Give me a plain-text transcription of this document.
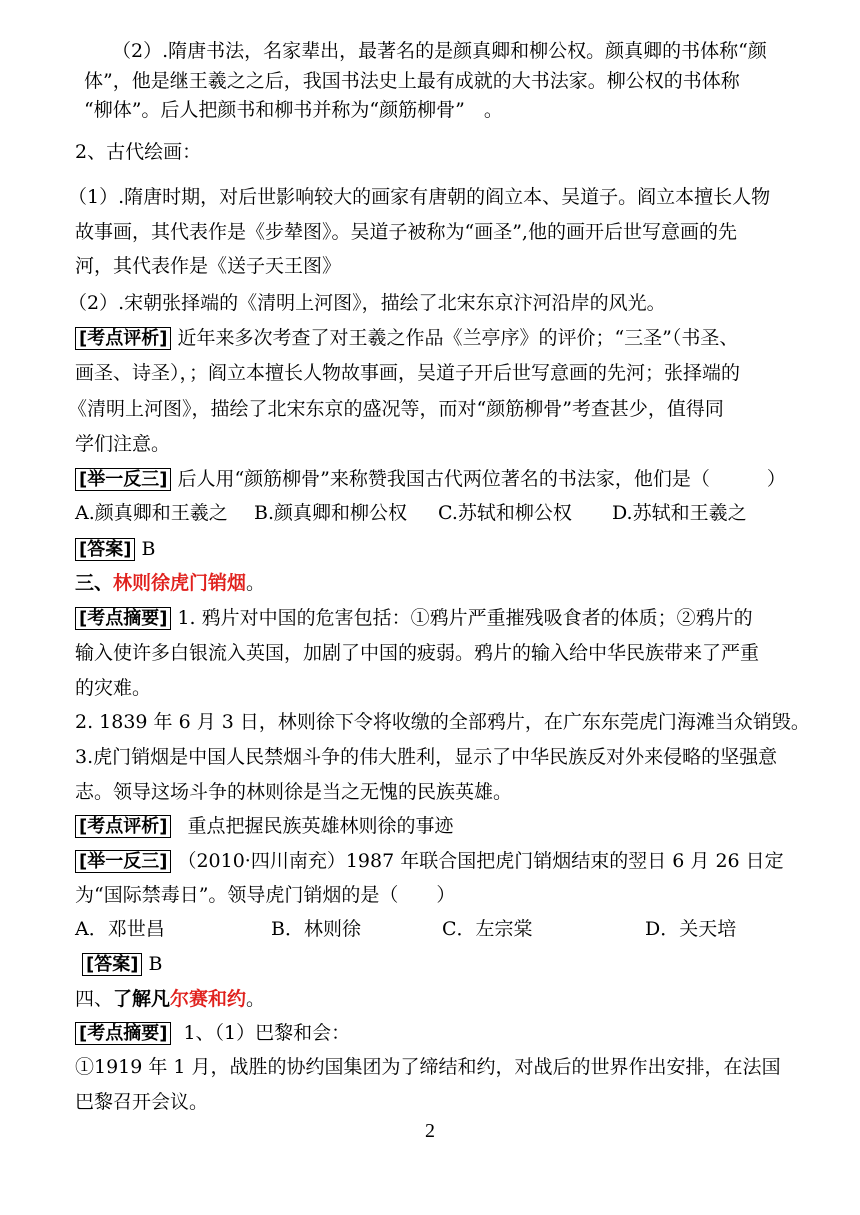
（2）.隋唐书法，名家辈出，最著名的是颜真卿和柳公权。颜真卿的书体称“颜
体”，他是继王羲之之后，我国书法史上最有成就的大书法家。柳公权的书体称
“柳体”。后人把颜书和柳书并称为“颜筋柳骨”　。
2、古代绘画：
（1）.隋唐时期，对后世影响较大的画家有唐朝的阎立本、吴道子。阎立本擅长人物
故事画，其代表作是《步辇图》。吴道子被称为“画圣”,他的画开后世写意画的先
河，其代表作是《送子天王图》
（2）.宋朝张择端的《清明上河图》，描绘了北宋东京汴河沿岸的风光。
[考点评析] 近年来多次考查了对王羲之作品《兰亭序》的评价；“三圣”（书圣、
画圣、诗圣），；阎立本擅长人物故事画，吴道子开后世写意画的先河；张择端的
《清明上河图》，描绘了北宋东京的盛况等，而对“颜筋柳骨”考查甚少，值得同
学们注意。
[举一反三] 后人用“颜筋柳骨”来称赞我国古代两位著名的书法家，他们是（　　　）
A.颜真卿和王羲之 B.颜真卿和柳公权 C.苏轼和柳公权 D.苏轼和王羲之
[答案] B
三、林则徐虎门销烟。
[考点摘要] 1. 鸦片对中国的危害包括：①鸦片严重摧残吸食者的体质；②鸦片的
输入使许多白银流入英国，加剧了中国的疲弱。鸦片的输入给中华民族带来了严重
的灾难。
2. 1839 年 6 月 3 日，林则徐下令将收缴的全部鸦片，在广东东莞虎门海滩当众销毁。
3.虎门销烟是中国人民禁烟斗争的伟大胜利，显示了中华民族反对外来侵略的坚强意
志。领导这场斗争的林则徐是当之无愧的民族英雄。
[考点评析] 重点把握民族英雄林则徐的事迹
[举一反三] （2010·四川南充）1987 年联合国把虎门销烟结束的翌日 6 月 26 日定
为“国际禁毒日”。领导虎门销烟的是（　　）
A．邓世昌	B．林则徐	C．左宗棠	D．关天培
[答案] B
四、了解凡尔赛和约。
[考点摘要] 1、（1）巴黎和会：
①1919 年 1 月，战胜的协约国集团为了缔结和约，对战后的世界作出安排，在法国
巴黎召开会议。
2
